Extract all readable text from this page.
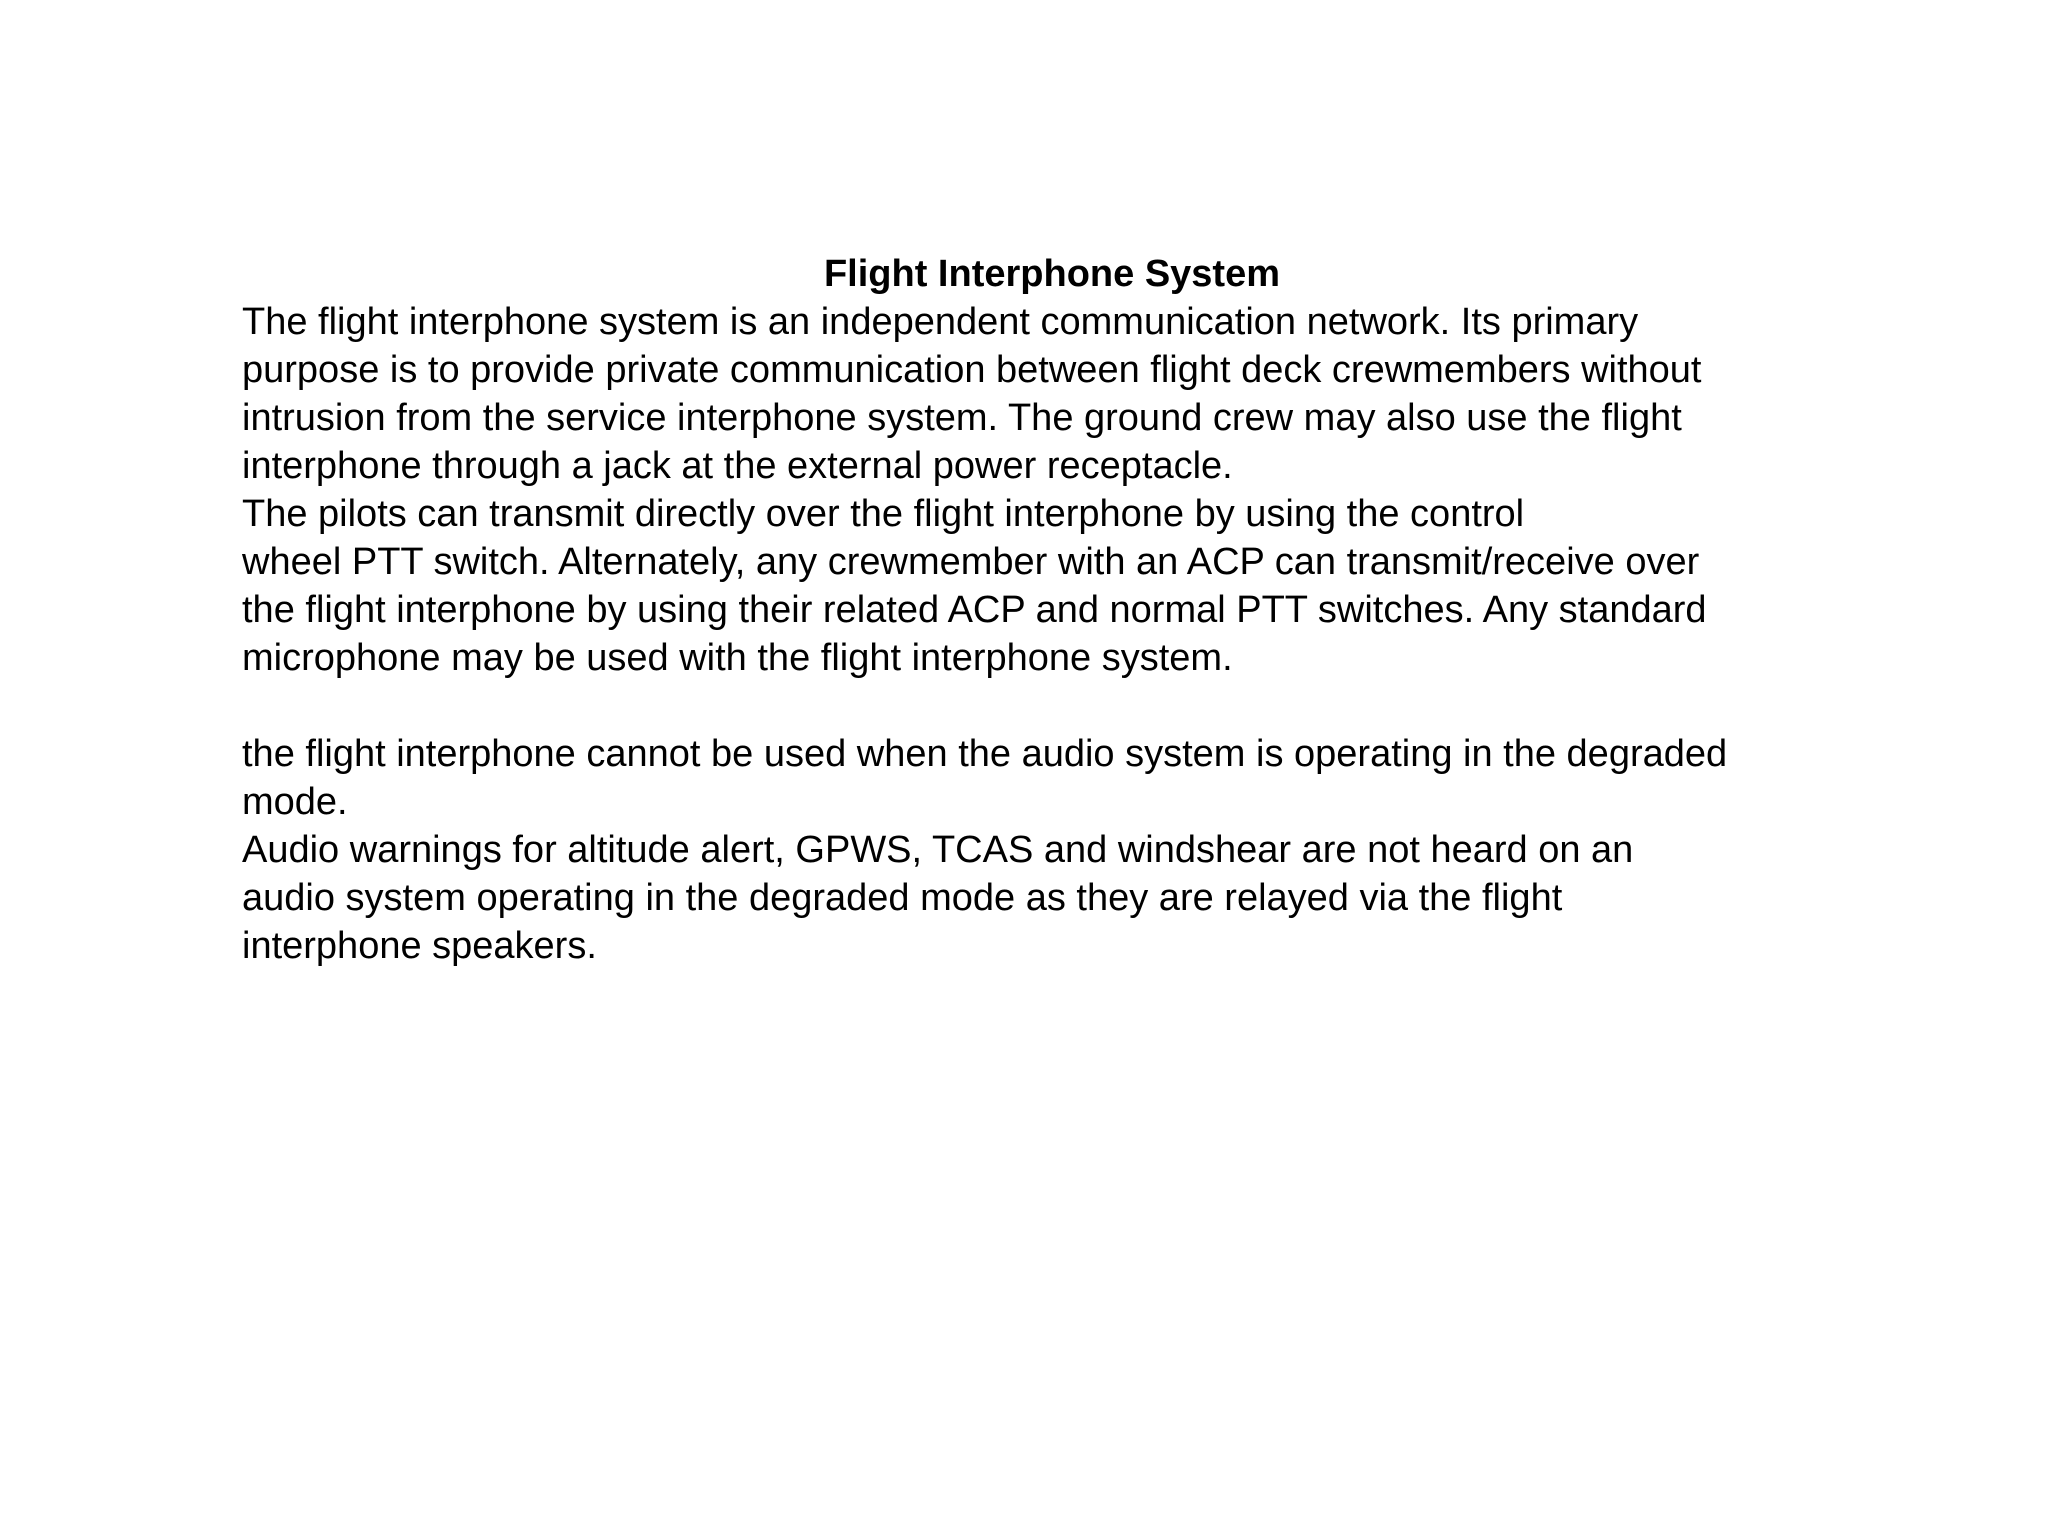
Flight Interphone System
The flight interphone system is an independent communication network. Its primary
purpose is to provide private communication between flight deck crewmembers without
intrusion from the service interphone system. The ground crew may also use the flight
interphone through a jack at the external power receptacle.
The pilots can transmit directly over the flight interphone by using the control
wheel PTT switch. Alternately, any crewmember with an ACP can transmit/receive over
the flight interphone by using their related ACP and normal PTT switches. Any standard
microphone may be used with the flight interphone system.
the flight interphone cannot be used when the audio system is operating in the degraded
mode.
Audio warnings for altitude alert, GPWS, TCAS and windshear are not heard on an
audio system operating in the degraded mode as they are relayed via the flight
interphone speakers.
